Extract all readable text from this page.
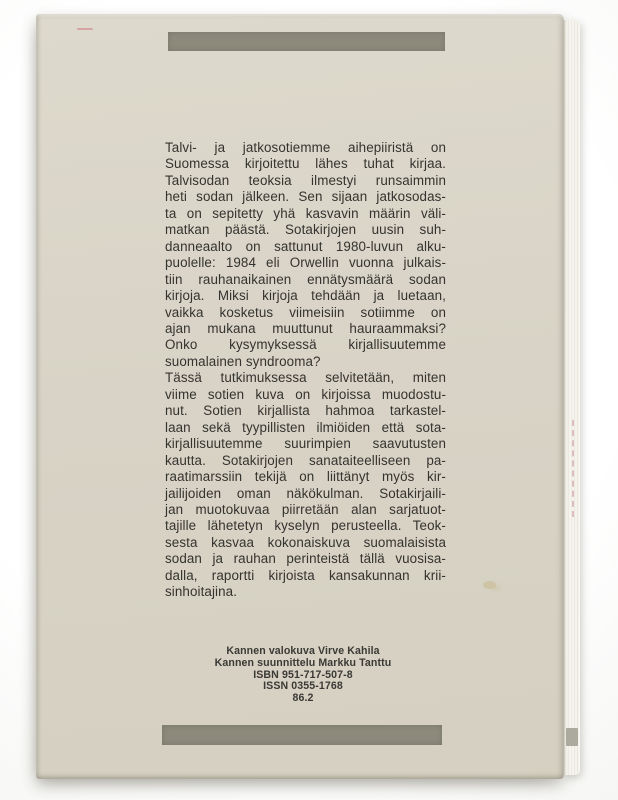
Talvi- ja jatkosotiemme aihepiiristä on
Suomessa kirjoitettu lähes tuhat kirjaa.
Talvisodan teoksia ilmestyi runsaimmin
heti sodan jälkeen. Sen sijaan jatkosodas-
ta on sepitetty yhä kasvavin määrin väli-
matkan päästä. Sotakirjojen uusin suh-
danneaalto on sattunut 1980-luvun alku-
puolelle: 1984 eli Orwellin vuonna julkais-
tiin rauhanaikainen ennätysmäärä sodan
kirjoja. Miksi kirjoja tehdään ja luetaan,
vaikka kosketus viimeisiin sotiimme on
ajan mukana muuttunut hauraammaksi?
Onko kysymyksessä kirjallisuutemme
suomalainen syndrooma?
Tässä tutkimuksessa selvitetään, miten
viime sotien kuva on kirjoissa muodostu-
nut. Sotien kirjallista hahmoa tarkastel-
laan sekä tyypillisten ilmiöiden että sota-
kirjallisuutemme suurimpien saavutusten
kautta. Sotakirjojen sanataiteelliseen pa-
raatimarssiin tekijä on liittänyt myös kir-
jailijoiden oman näkökulman. Sotakirjaili-
jan muotokuvaa piirretään alan sarjatuot-
tajille lähetetyn kyselyn perusteella. Teok-
sesta kasvaa kokonaiskuva suomalaisista
sodan ja rauhan perinteistä tällä vuosisa-
dalla, raportti kirjoista kansakunnan krii-
sinhoitajina.
Kannen valokuva Virve Kahila
Kannen suunnittelu Markku Tanttu
ISBN 951-717-507-8
ISSN 0355-1768
86.2
